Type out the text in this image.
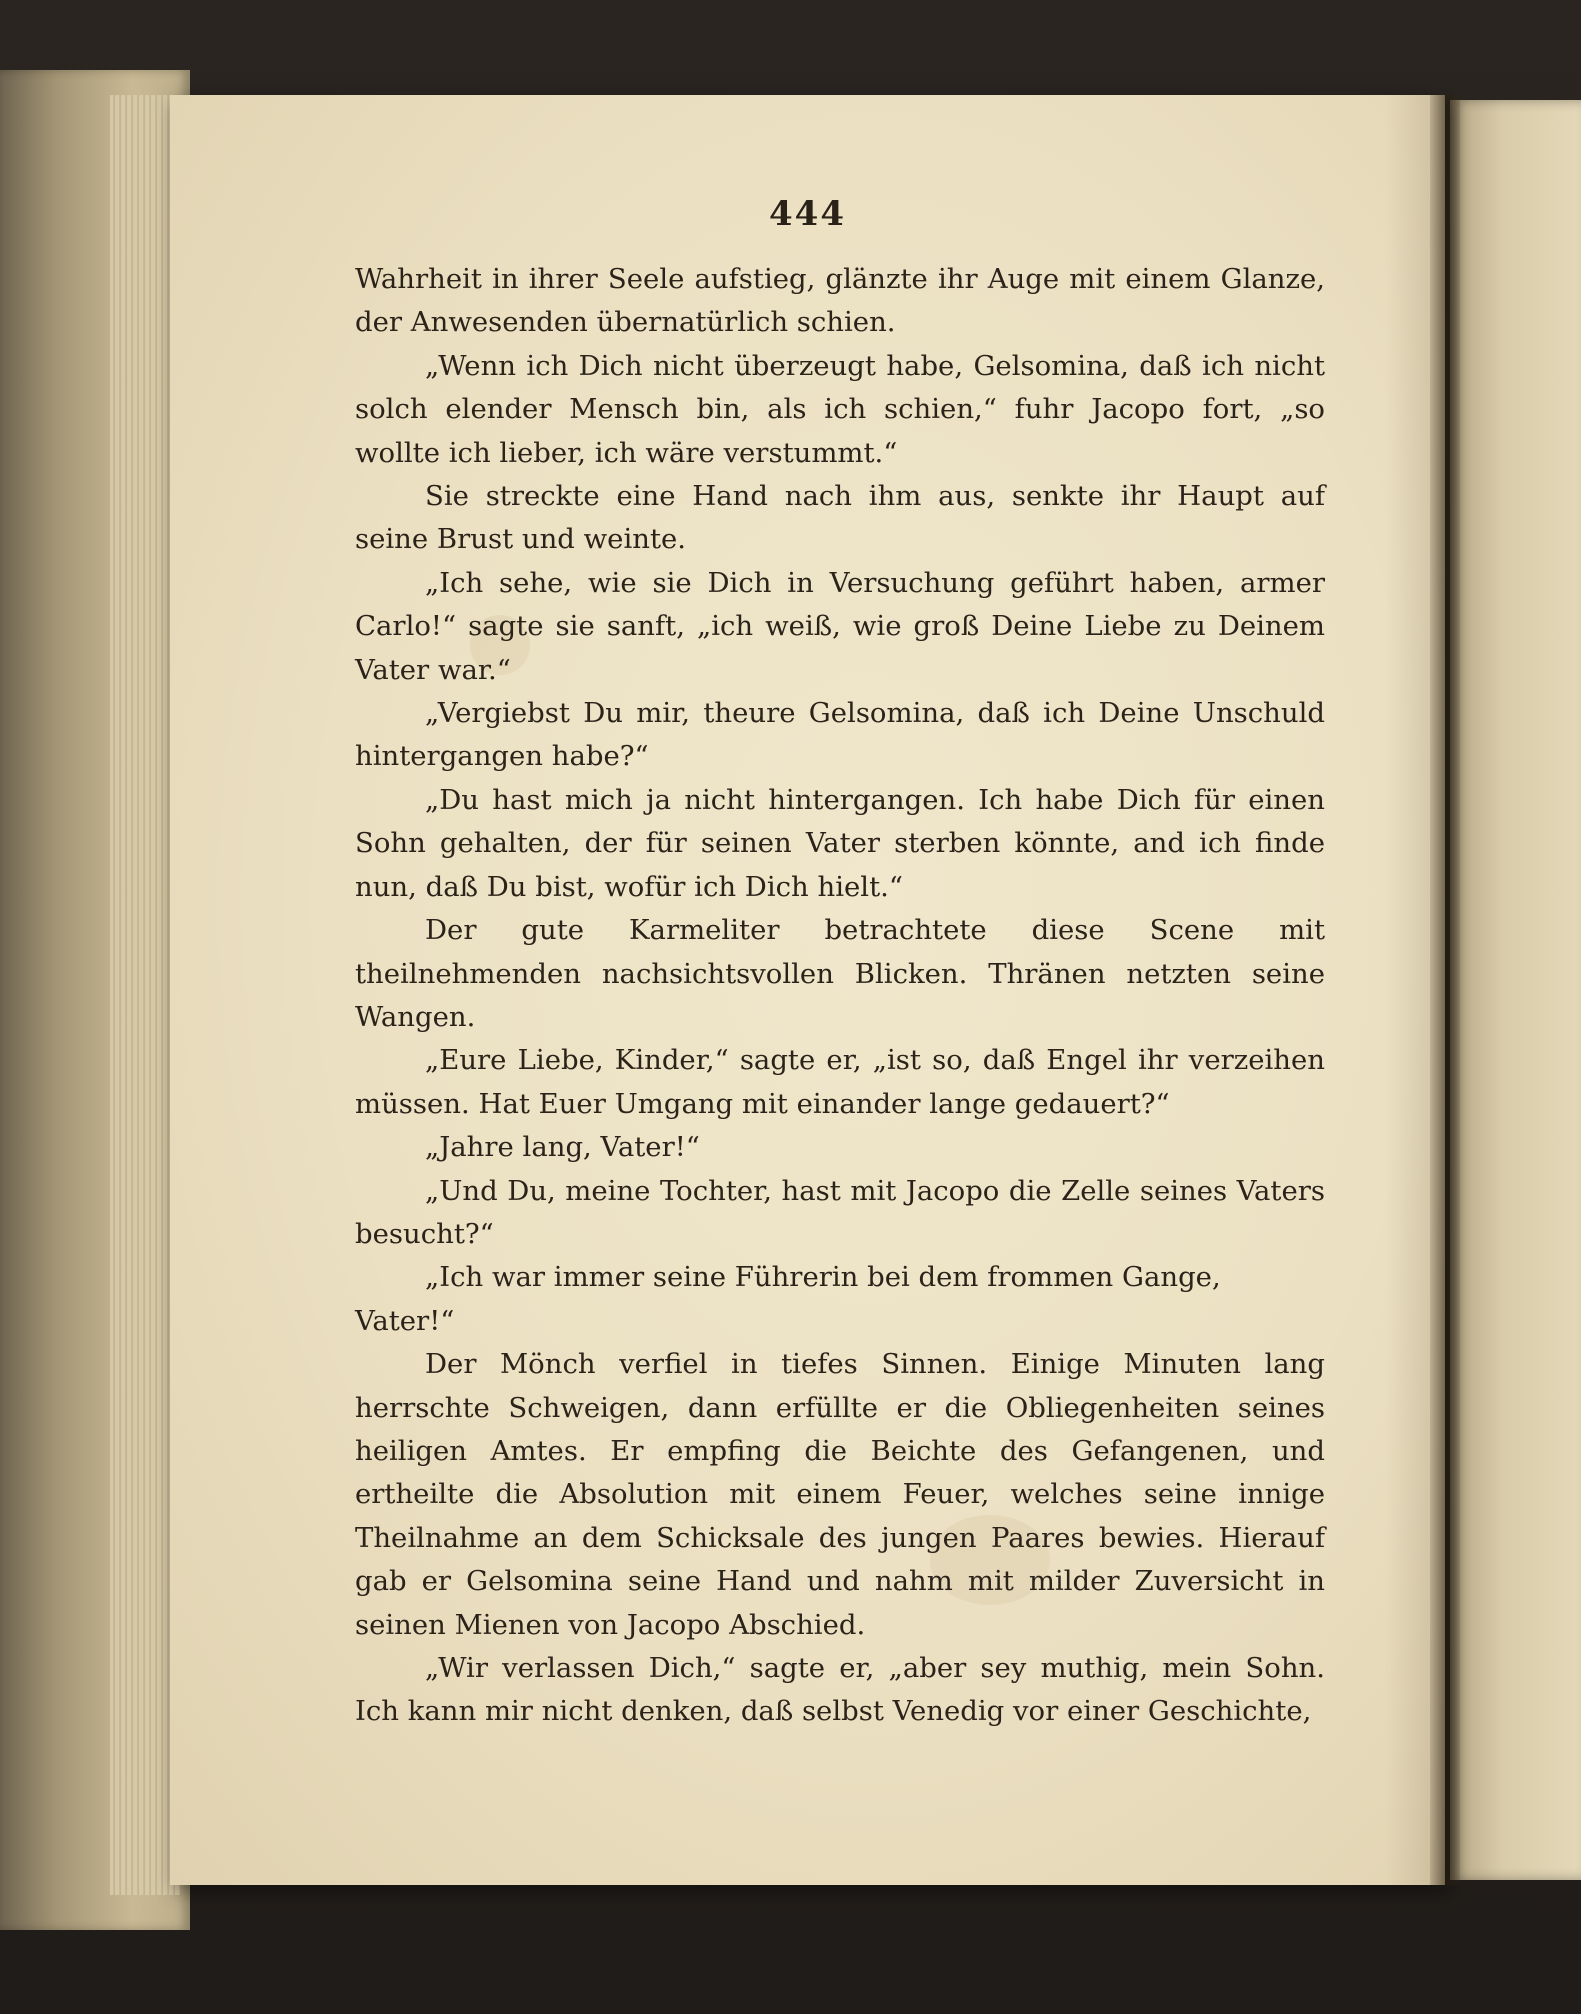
444

Wahrheit in ihrer Seele aufstieg, glänzte ihr Auge mit einem Glanze, der Anwesenden übernatürlich schien.

„Wenn ich Dich nicht überzeugt habe, Gelsomina, daß ich nicht solch elender Mensch bin, als ich schien,“ fuhr Jacopo fort, „so wollte ich lieber, ich wäre verstummt.“

Sie streckte eine Hand nach ihm aus, senkte ihr Haupt auf seine Brust und weinte.

„Ich sehe, wie sie Dich in Versuchung geführt haben, armer Carlo!“ sagte sie sanft, „ich weiß, wie groß Deine Liebe zu Deinem Vater war.“

„Vergiebst Du mir, theure Gelsomina, daß ich Deine Unschuld hintergangen habe?“

„Du hast mich ja nicht hintergangen. Ich habe Dich für einen Sohn gehalten, der für seinen Vater sterben könnte, and ich finde nun, daß Du bist, wofür ich Dich hielt.“

Der gute Karmeliter betrachtete diese Scene mit theilnehmenden nachsichtsvollen Blicken. Thränen netzten seine Wangen.

„Eure Liebe, Kinder,“ sagte er, „ist so, daß Engel ihr verzeihen müssen. Hat Euer Umgang mit einander lange gedauert?“

„Jahre lang, Vater!“

„Und Du, meine Tochter, hast mit Jacopo die Zelle seines Vaters besucht?“

„Ich war immer seine Führerin bei dem frommen Gange, Vater!“

Der Mönch verfiel in tiefes Sinnen. Einige Minuten lang herrschte Schweigen, dann erfüllte er die Obliegenheiten seines heiligen Amtes. Er empfing die Beichte des Gefangenen, und ertheilte die Absolution mit einem Feuer, welches seine innige Theilnahme an dem Schicksale des jungen Paares bewies. Hierauf gab er Gelsomina seine Hand und nahm mit milder Zuversicht in seinen Mienen von Jacopo Abschied.

„Wir verlassen Dich,“ sagte er, „aber sey muthig, mein Sohn. Ich kann mir nicht denken, daß selbst Venedig vor einer Geschichte,
